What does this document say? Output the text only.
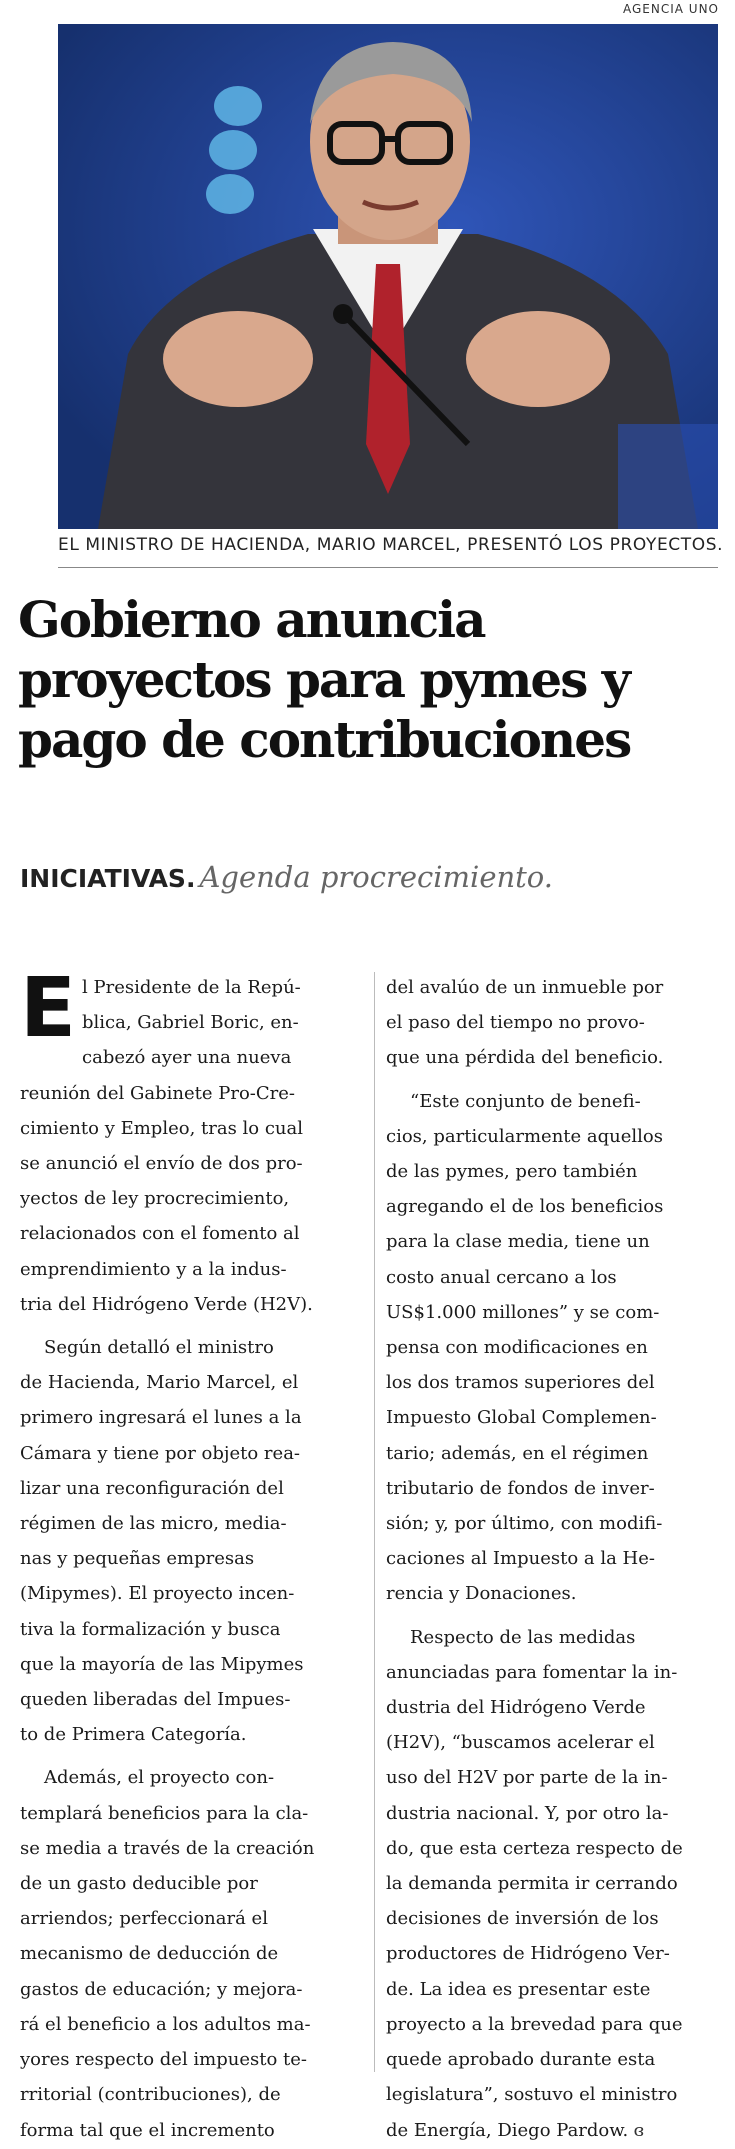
AGENCIA UNO
EL MINISTRO DE HACIENDA, MARIO MARCEL, PRESENTÓ LOS PROYECTOS.
Gobierno anuncia
proyectos para pymes y
pago de contribuciones
INICIATIVAS. Agenda procrecimiento.
E l Presidente de la Repú-
blica, Gabriel Boric, en-
cabezó ayer una nueva
reunión del Gabinete Pro-Cre-
cimiento y Empleo, tras lo cual
se anunció el envío de dos pro-
yectos de ley procrecimiento,
relacionados con el fomento al
emprendimiento y a la indus-
tria del Hidrógeno Verde (H2V).
Según detalló el ministro
de Hacienda, Mario Marcel, el
primero ingresará el lunes a la
Cámara y tiene por objeto rea-
lizar una reconfiguración del
régimen de las micro, media-
nas y pequeñas empresas
(Mipymes). El proyecto incen-
tiva la formalización y busca
que la mayoría de las Mipymes
queden liberadas del Impues-
to de Primera Categoría.
Además, el proyecto con-
templará beneficios para la cla-
se media a través de la creación
de un gasto deducible por
arriendos; perfeccionará el
mecanismo de deducción de
gastos de educación; y mejora-
rá el beneficio a los adultos ma-
yores respecto del impuesto te-
rritorial (contribuciones), de
forma tal que el incremento
del avalúo de un inmueble por
el paso del tiempo no provo-
que una pérdida del beneficio.
“Este conjunto de benefi-
cios, particularmente aquellos
de las pymes, pero también
agregando el de los beneficios
para la clase media, tiene un
costo anual cercano a los
US$1.000 millones” y se com-
pensa con modificaciones en
los dos tramos superiores del
Impuesto Global Complemen-
tario; además, en el régimen
tributario de fondos de inver-
sión; y, por último, con modifi-
caciones al Impuesto a la He-
rencia y Donaciones.
Respecto de las medidas
anunciadas para fomentar la in-
dustria del Hidrógeno Verde
(H2V), “buscamos acelerar el
uso del H2V por parte de la in-
dustria nacional. Y, por otro la-
do, que esta certeza respecto de
la demanda permita ir cerrando
decisiones de inversión de los
productores de Hidrógeno Ver-
de. La idea es presentar este
proyecto a la brevedad para que
quede aprobado durante esta
legislatura”, sostuvo el ministro
de Energía, Diego Pardow. ɞ
